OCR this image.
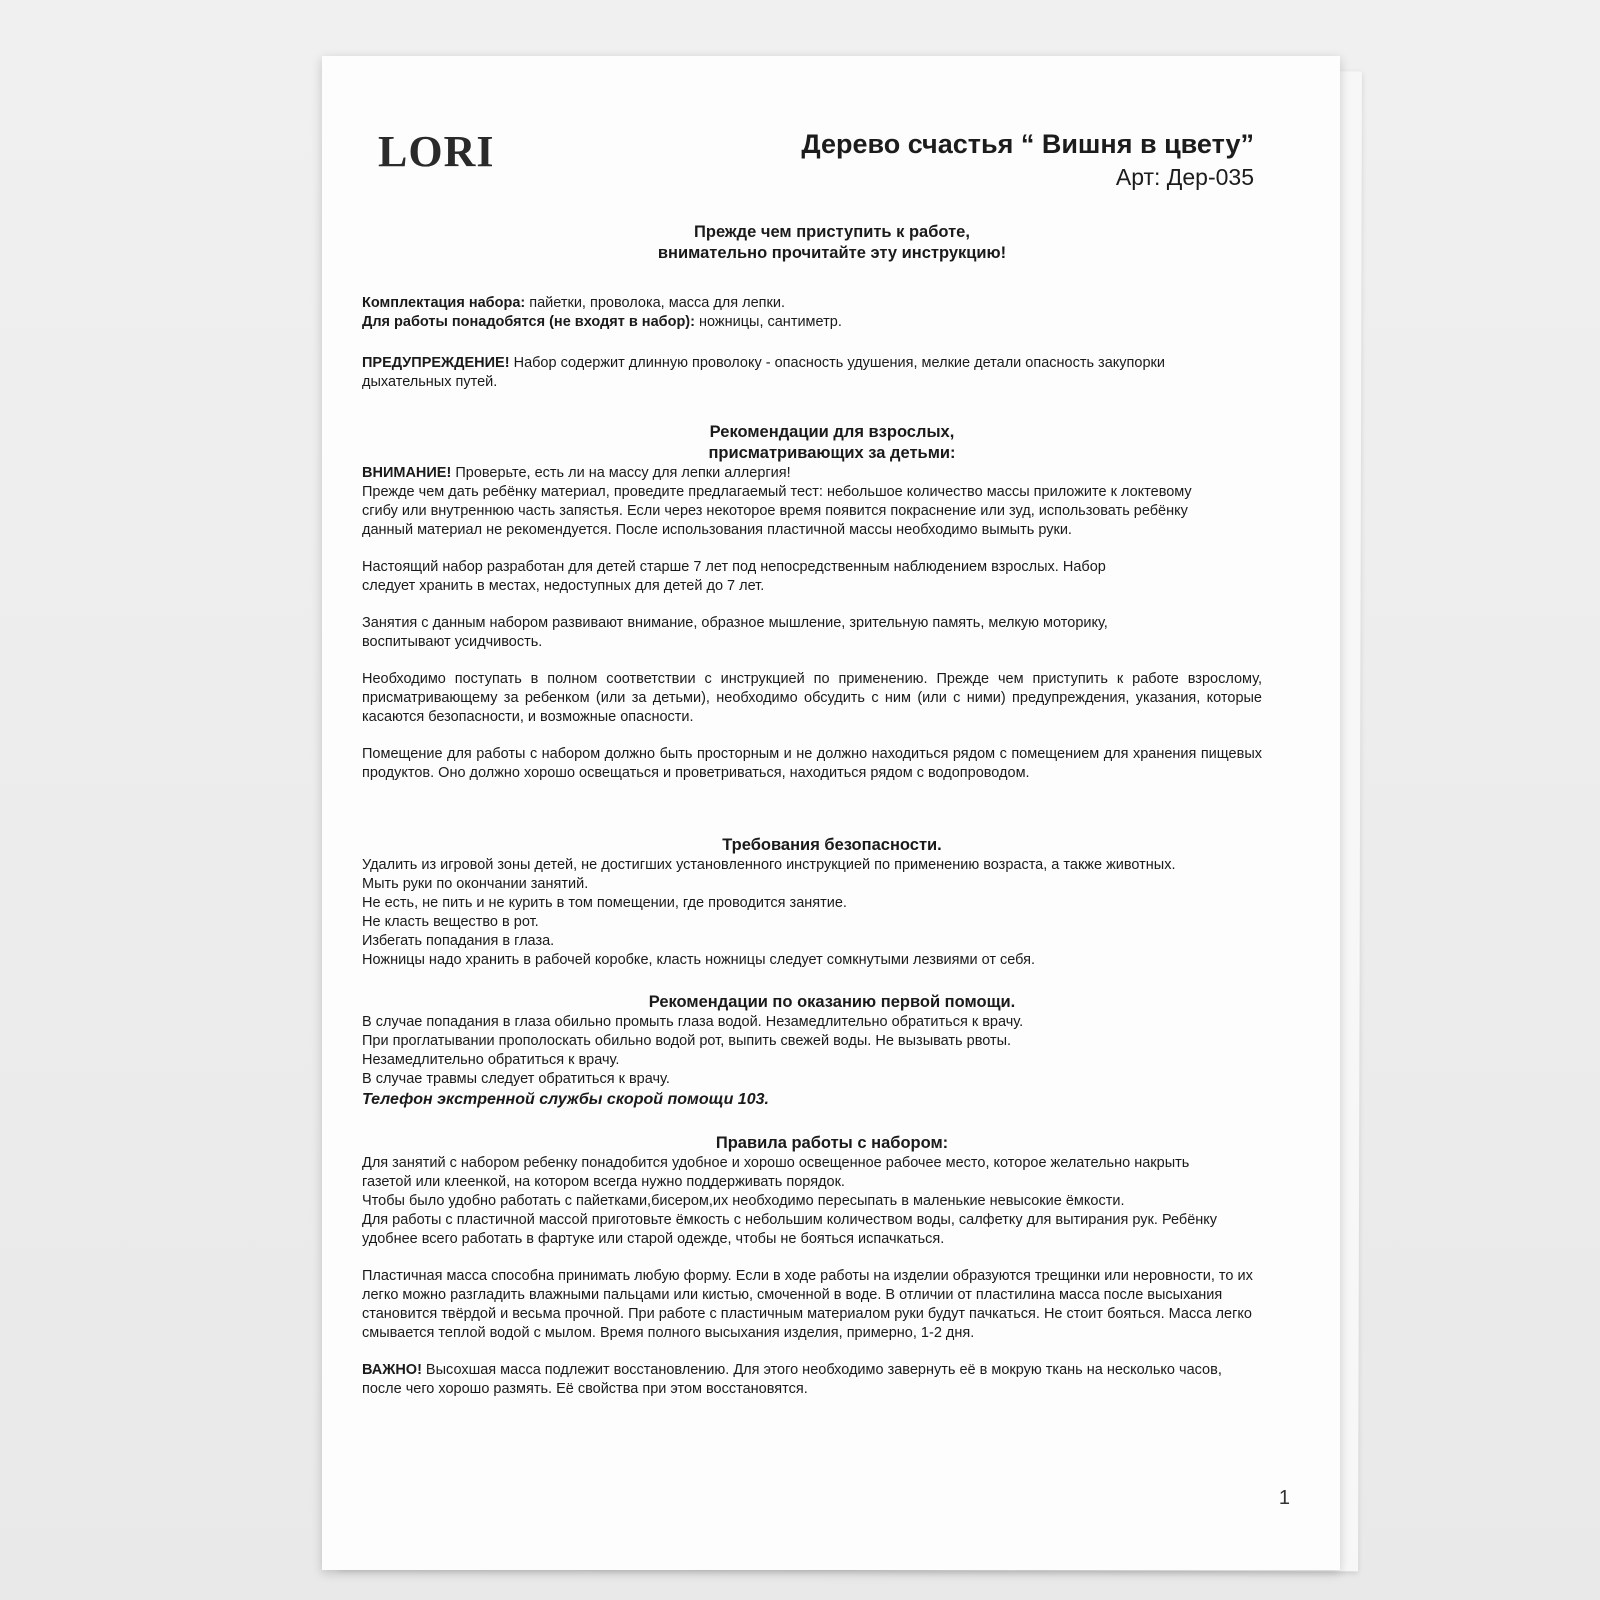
LORI	Дерево счастья “ Вишня в цвету”
Арт: Дер-035

Прежде чем приступить к работе,

внимательно прочитайте эту инструкцию!

Комплектация набора: пайетки, проволока, масса для лепки.

Для работы понадобятся (не входят в набор): ножницы, сантиметр.

ПРЕДУПРЕЖДЕНИЕ! Набор содержит длинную проволоку - опасность удушения, мелкие детали опасность закупорки дыхательных путей.

Рекомендации для взрослых,

присматривающих за детьми:

ВНИМАНИЕ! Проверьте, есть ли на массу для лепки аллергия!

Прежде чем дать ребёнку материал, проведите предлагаемый тест: небольшое количество массы приложите к локтевому сгибу или внутреннюю часть запястья. Если через некоторое время появится покраснение или зуд, использовать ребёнку данный материал не рекомендуется. После использования пластичной массы необходимо вымыть руки.

Настоящий набор разработан для детей старше 7 лет под непосредственным наблюдением взрослых. Набор следует хранить в местах, недоступных для детей до 7 лет.

Занятия с данным набором развивают внимание, образное мышление, зрительную память, мелкую моторику, воспитывают усидчивость.

Необходимо поступать в полном соответствии с инструкцией по применению. Прежде чем приступить к работе взрослому, присматривающему за ребенком (или за детьми), необходимо обсудить с ним (или с ними) предупреждения, указания, которые касаются безопасности, и возможные опасности.

Помещение для работы с набором должно быть просторным и не должно находиться рядом с помещением для хранения пищевых продуктов. Оно должно хорошо освещаться и проветриваться, находиться рядом с водопроводом.

Требования безопасности.

Удалить из игровой зоны детей, не достигших установленного инструкцией по применению возраста, а также животных.

Мыть руки по окончании занятий.

Не есть, не пить и не курить в том помещении, где проводится занятие.

Не класть вещество в рот.

Избегать попадания в глаза.

Ножницы надо хранить в рабочей коробке, класть ножницы следует сомкнутыми лезвиями от себя.

Рекомендации по оказанию первой помощи.

В случае попадания в глаза обильно промыть глаза водой. Незамедлительно обратиться к врачу.

При проглатывании прополоскать обильно водой рот, выпить свежей воды. Не вызывать рвоты.

Незамедлительно обратиться к врачу.

В случае травмы следует обратиться к врачу.

Телефон экстренной службы скорой помощи 103.

Правила работы с набором:

Для занятий с набором ребенку понадобится удобное и хорошо освещенное рабочее место, которое желательно накрыть газетой или клеенкой, на котором всегда нужно поддерживать порядок.

Чтобы было удобно работать с пайетками,бисером,их необходимо пересыпать в маленькие невысокие ёмкости.

Для работы с пластичной массой приготовьте ёмкость с небольшим количеством воды, салфетку для вытирания рук. Ребёнку удобнее всего работать в фартуке или старой одежде, чтобы не бояться испачкаться.

Пластичная масса способна принимать любую форму. Если в ходе работы на изделии образуются трещинки или неровности, то их легко можно разгладить влажными пальцами или кистью, смоченной в воде. В отличии от пластилина масса после высыхания становится твёрдой и весьма прочной. При работе с пластичным материалом руки будут пачкаться. Не стоит бояться. Масса легко смывается теплой водой с мылом. Время полного высыхания изделия, примерно, 1-2 дня.

ВАЖНО! Высохшая масса подлежит восстановлению. Для этого необходимо завернуть её в мокрую ткань на несколько часов, после чего хорошо размять. Её свойства при этом восстановятся.

1
